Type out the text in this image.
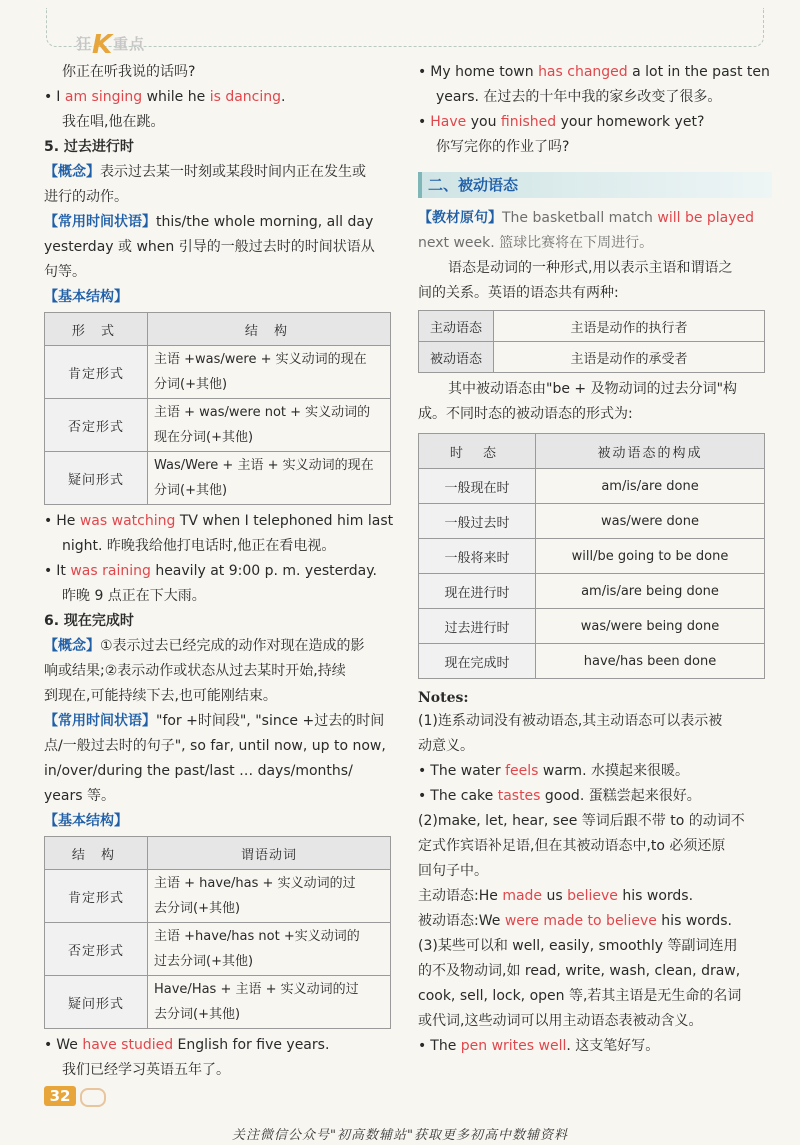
狂K重点
你正在听我说的话吗?
• I am singing while he is dancing.
我在唱,他在跳。
5. 过去进行时
【概念】表示过去某一时刻或某段时间内正在发生或
进行的动作。
【常用时间状语】this/the whole morning, all day
yesterday 或 when 引导的一般过去时的时间状语从
句等。
【基本结构】
形 式	结 构
肯定形式	主语 +was/were + 实义动词的现在
分词(+其他)

否定形式	主语 + was/were not + 实义动词的
现在分词(+其他)

疑问形式	Was/Were + 主语 + 实义动词的现在
分词(+其他)
• He was watching TV when I telephoned him last
night. 昨晚我给他打电话时,他正在看电视。
• It was raining heavily at 9:00 p. m. yesterday.
昨晚 9 点正在下大雨。
6. 现在完成时
【概念】①表示过去已经完成的动作对现在造成的影
响或结果;②表示动作或状态从过去某时开始,持续
到现在,可能持续下去,也可能刚结束。
【常用时间状语】"for +时间段", "since +过去的时间
点/一般过去时的句子", so far, until now, up to now,
in/over/during the past/last … days/months/
years 等。
【基本结构】
结 构	谓语动词
肯定形式	主语 + have/has + 实义动词的过
去分词(+其他)

否定形式	主语 +have/has not +实义动词的
过去分词(+其他)

疑问形式	Have/Has + 主语 + 实义动词的过
去分词(+其他)
• We have studied English for five years.
我们已经学习英语五年了。
• My home town has changed a lot in the past ten
years. 在过去的十年中我的家乡改变了很多。
• Have you finished your homework yet?
你写完你的作业了吗?
二、被动语态
【教材原句】The basketball match will be played
next week. 篮球比赛将在下周进行。
语态是动词的一种形式,用以表示主语和谓语之
间的关系。英语的语态共有两种:
主动语态	主语是动作的执行者
被动语态	主语是动作的承受者
其中被动语态由"be + 及物动词的过去分词"构
成。不同时态的被动语态的形式为:
时 态	被动语态的构成
一般现在时	am/is/are done
一般过去时	was/were done
一般将来时	will/be going to be done
现在进行时	am/is/are being done
过去进行时	was/were being done
现在完成时	have/has been done
Notes:
(1)连系动词没有被动语态,其主动语态可以表示被
动意义。
• The water feels warm. 水摸起来很暖。
• The cake tastes good. 蛋糕尝起来很好。
(2)make, let, hear, see 等词后跟不带 to 的动词不
定式作宾语补足语,但在其被动语态中,to 必须还原
回句子中。
主动语态:He made us believe his words.
被动语态:We were made to believe his words.
(3)某些可以和 well, easily, smoothly 等副词连用
的不及物动词,如 read, write, wash, clean, draw,
cook, sell, lock, open 等,若其主语是无生命的名词
或代词,这些动词可以用主动语态表被动含义。
• The pen writes well. 这支笔好写。
32
关注微信公众号"初高数辅站"获取更多初高中数辅资料
